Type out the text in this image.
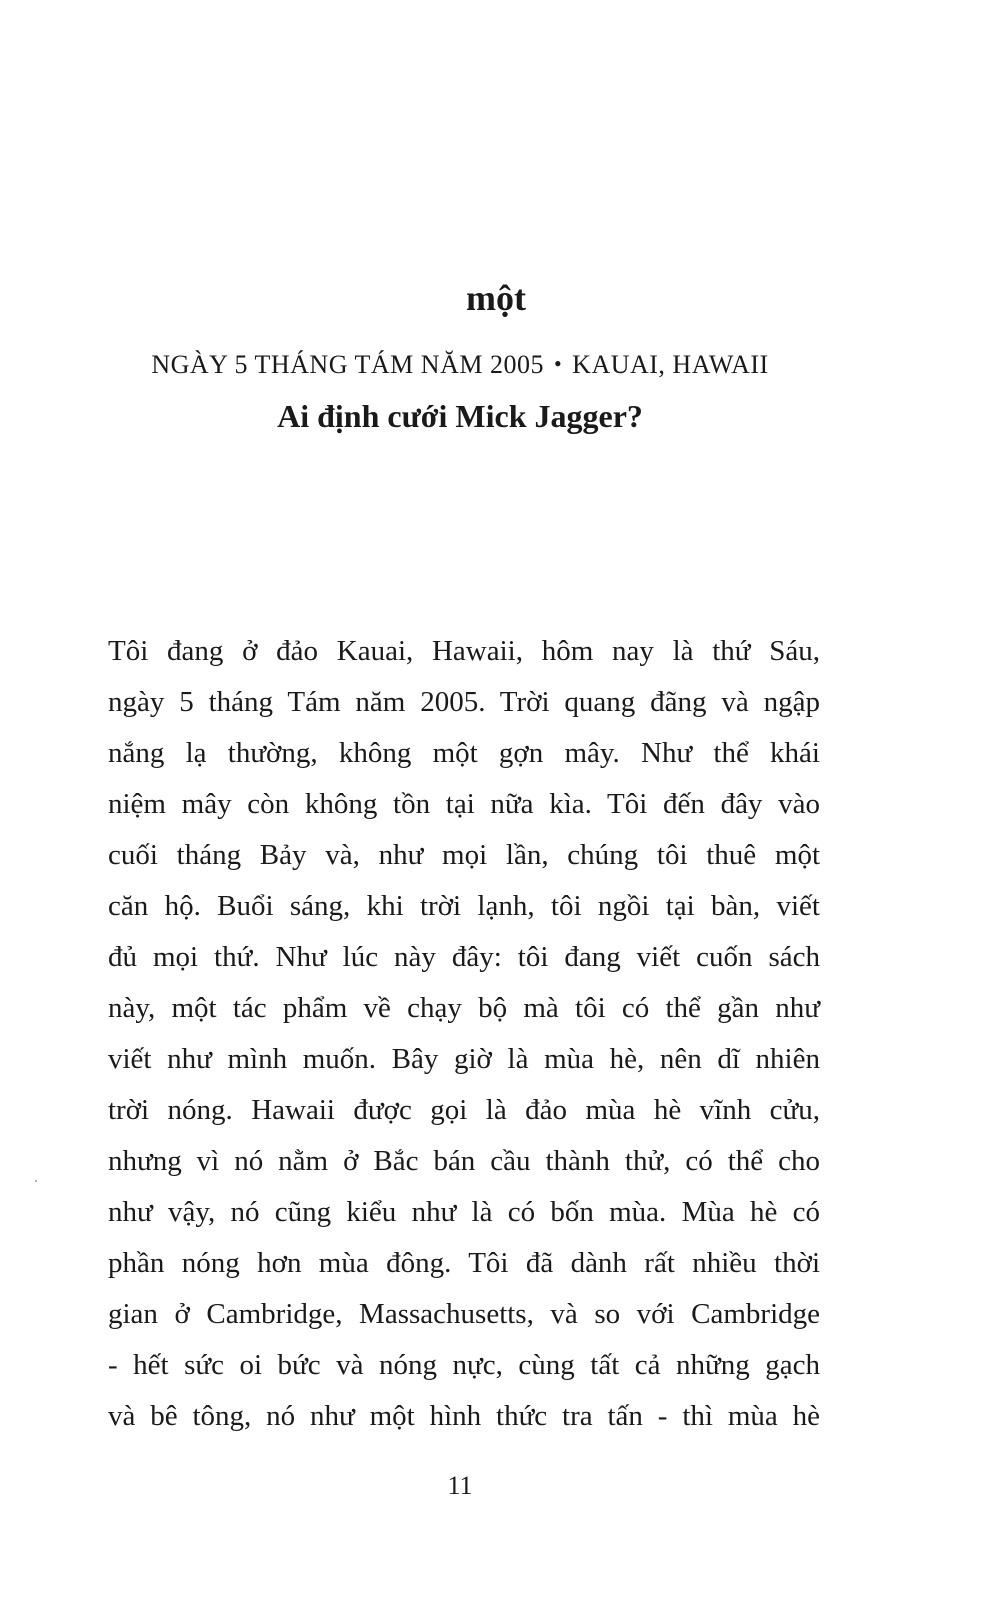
một
NGÀY 5 THÁNG TÁM NĂM 2005 • KAUAI, HAWAII
Ai định cưới Mick Jagger?
Tôi đang ở đảo Kauai, Hawaii, hôm nay là thứ Sáu,
ngày 5 tháng Tám năm 2005. Trời quang đãng và ngập
nắng lạ thường, không một gợn mây. Như thể khái
niệm mây còn không tồn tại nữa kìa. Tôi đến đây vào
cuối tháng Bảy và, như mọi lần, chúng tôi thuê một
căn hộ. Buổi sáng, khi trời lạnh, tôi ngồi tại bàn, viết
đủ mọi thứ. Như lúc này đây: tôi đang viết cuốn sách
này, một tác phẩm về chạy bộ mà tôi có thể gần như
viết như mình muốn. Bây giờ là mùa hè, nên dĩ nhiên
trời nóng. Hawaii được gọi là đảo mùa hè vĩnh cửu,
nhưng vì nó nằm ở Bắc bán cầu thành thử, có thể cho
như vậy, nó cũng kiểu như là có bốn mùa. Mùa hè có
phần nóng hơn mùa đông. Tôi đã dành rất nhiều thời
gian ở Cambridge, Massachusetts, và so với Cambridge
- hết sức oi bức và nóng nực, cùng tất cả những gạch
và bê tông, nó như một hình thức tra tấn - thì mùa hè
11
